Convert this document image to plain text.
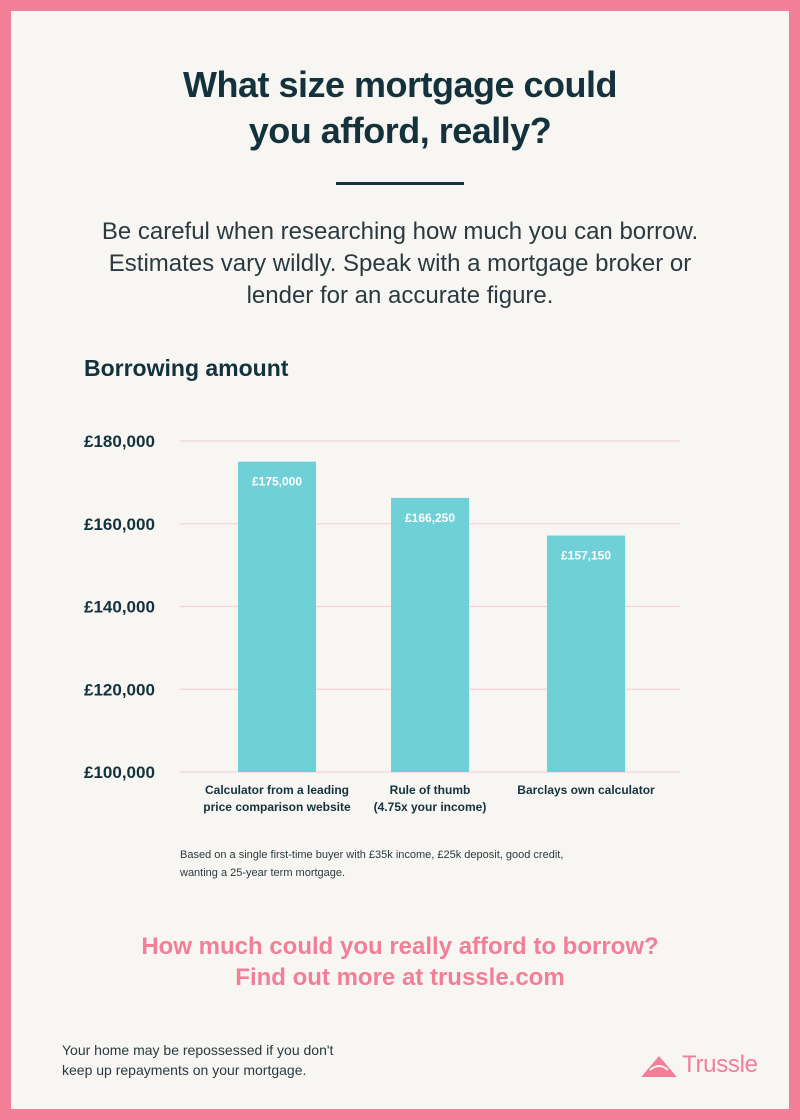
What size mortgage could
you afford, really?
Be careful when researching how much you can borrow.
Estimates vary wildly. Speak with a mortgage broker or
lender for an accurate figure.
Borrowing amount
£100,000
£120,000
£140,000
£160,000
£180,000
£175,000
Calculator from a leading
price comparison website
£166,250
Rule of thumb
(4.75x your income)
£157,150
Barclays own calculator
Based on a single first-time buyer with £35k income, £25k deposit, good credit,
wanting a 25-year term mortgage.
How much could you really afford to borrow?
Find out more at trussle.com
Your home may be repossessed if you don't
keep up repayments on your mortgage.	Trussle
